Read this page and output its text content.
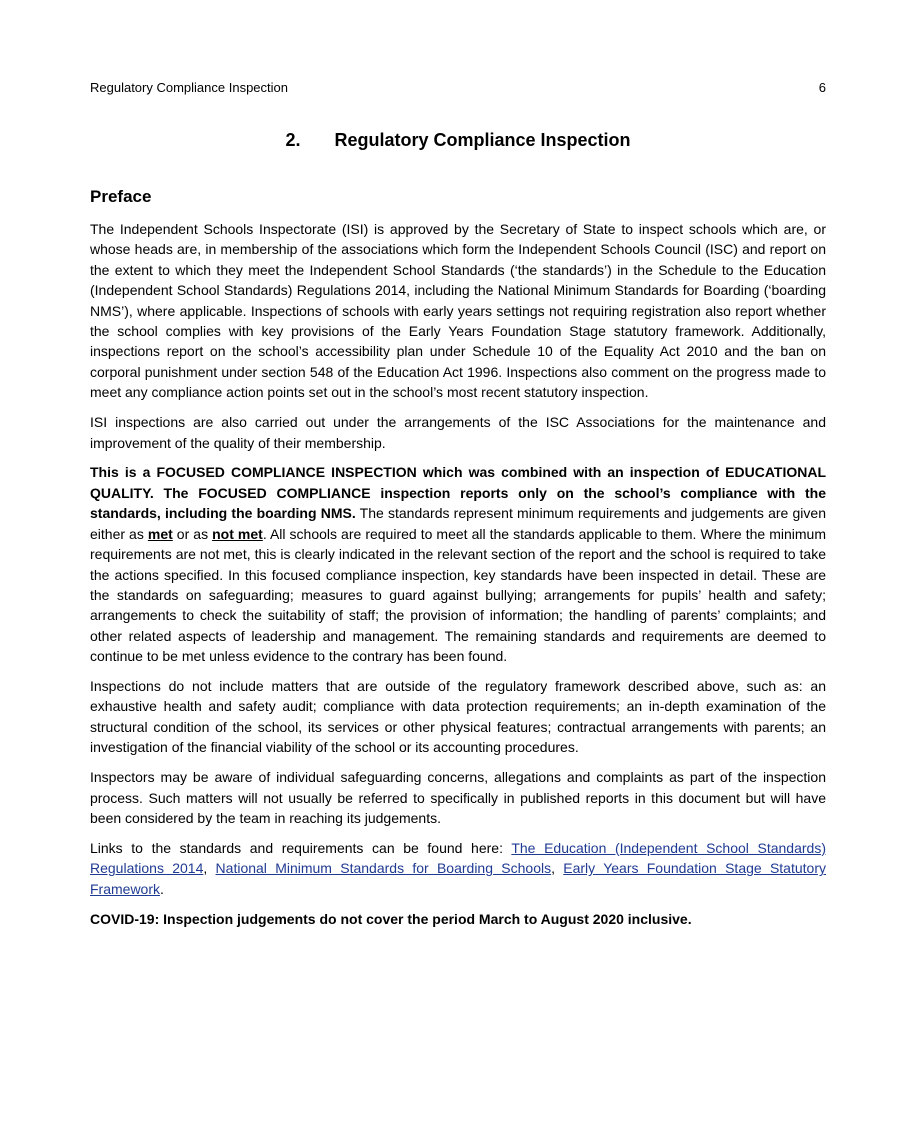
Regulatory Compliance Inspection	6
2. Regulatory Compliance Inspection
Preface

The Independent Schools Inspectorate (ISI) is approved by the Secretary of State to inspect schools which are, or whose heads are, in membership of the associations which form the Independent Schools Council (ISC) and report on the extent to which they meet the Independent School Standards (‘the standards’) in the Schedule to the Education (Independent School Standards) Regulations 2014, including the National Minimum Standards for Boarding (‘boarding NMS’), where applicable. Inspections of schools with early years settings not requiring registration also report whether the school complies with key provisions of the Early Years Foundation Stage statutory framework. Additionally, inspections report on the school’s accessibility plan under Schedule 10 of the Equality Act 2010 and the ban on corporal punishment under section 548 of the Education Act 1996. Inspections also comment on the progress made to meet any compliance action points set out in the school’s most recent statutory inspection.

ISI inspections are also carried out under the arrangements of the ISC Associations for the maintenance and improvement of the quality of their membership.

This is a FOCUSED COMPLIANCE INSPECTION which was combined with an inspection of EDUCATIONAL QUALITY. The FOCUSED COMPLIANCE inspection reports only on the school’s compliance with the standards, including the boarding NMS. The standards represent minimum requirements and judgements are given either as met or as not met. All schools are required to meet all the standards applicable to them. Where the minimum requirements are not met, this is clearly indicated in the relevant section of the report and the school is required to take the actions specified. In this focused compliance inspection, key standards have been inspected in detail. These are the standards on safeguarding; measures to guard against bullying; arrangements for pupils’ health and safety; arrangements to check the suitability of staff; the provision of information; the handling of parents’ complaints; and other related aspects of leadership and management. The remaining standards and requirements are deemed to continue to be met unless evidence to the contrary has been found.

Inspections do not include matters that are outside of the regulatory framework described above, such as: an exhaustive health and safety audit; compliance with data protection requirements; an in-depth examination of the structural condition of the school, its services or other physical features; contractual arrangements with parents; an investigation of the financial viability of the school or its accounting procedures.

Inspectors may be aware of individual safeguarding concerns, allegations and complaints as part of the inspection process. Such matters will not usually be referred to specifically in published reports in this document but will have been considered by the team in reaching its judgements.

Links to the standards and requirements can be found here: The Education (Independent School Standards) Regulations 2014, National Minimum Standards for Boarding Schools, Early Years Foundation Stage Statutory Framework.

COVID-19: Inspection judgements do not cover the period March to August 2020 inclusive.
